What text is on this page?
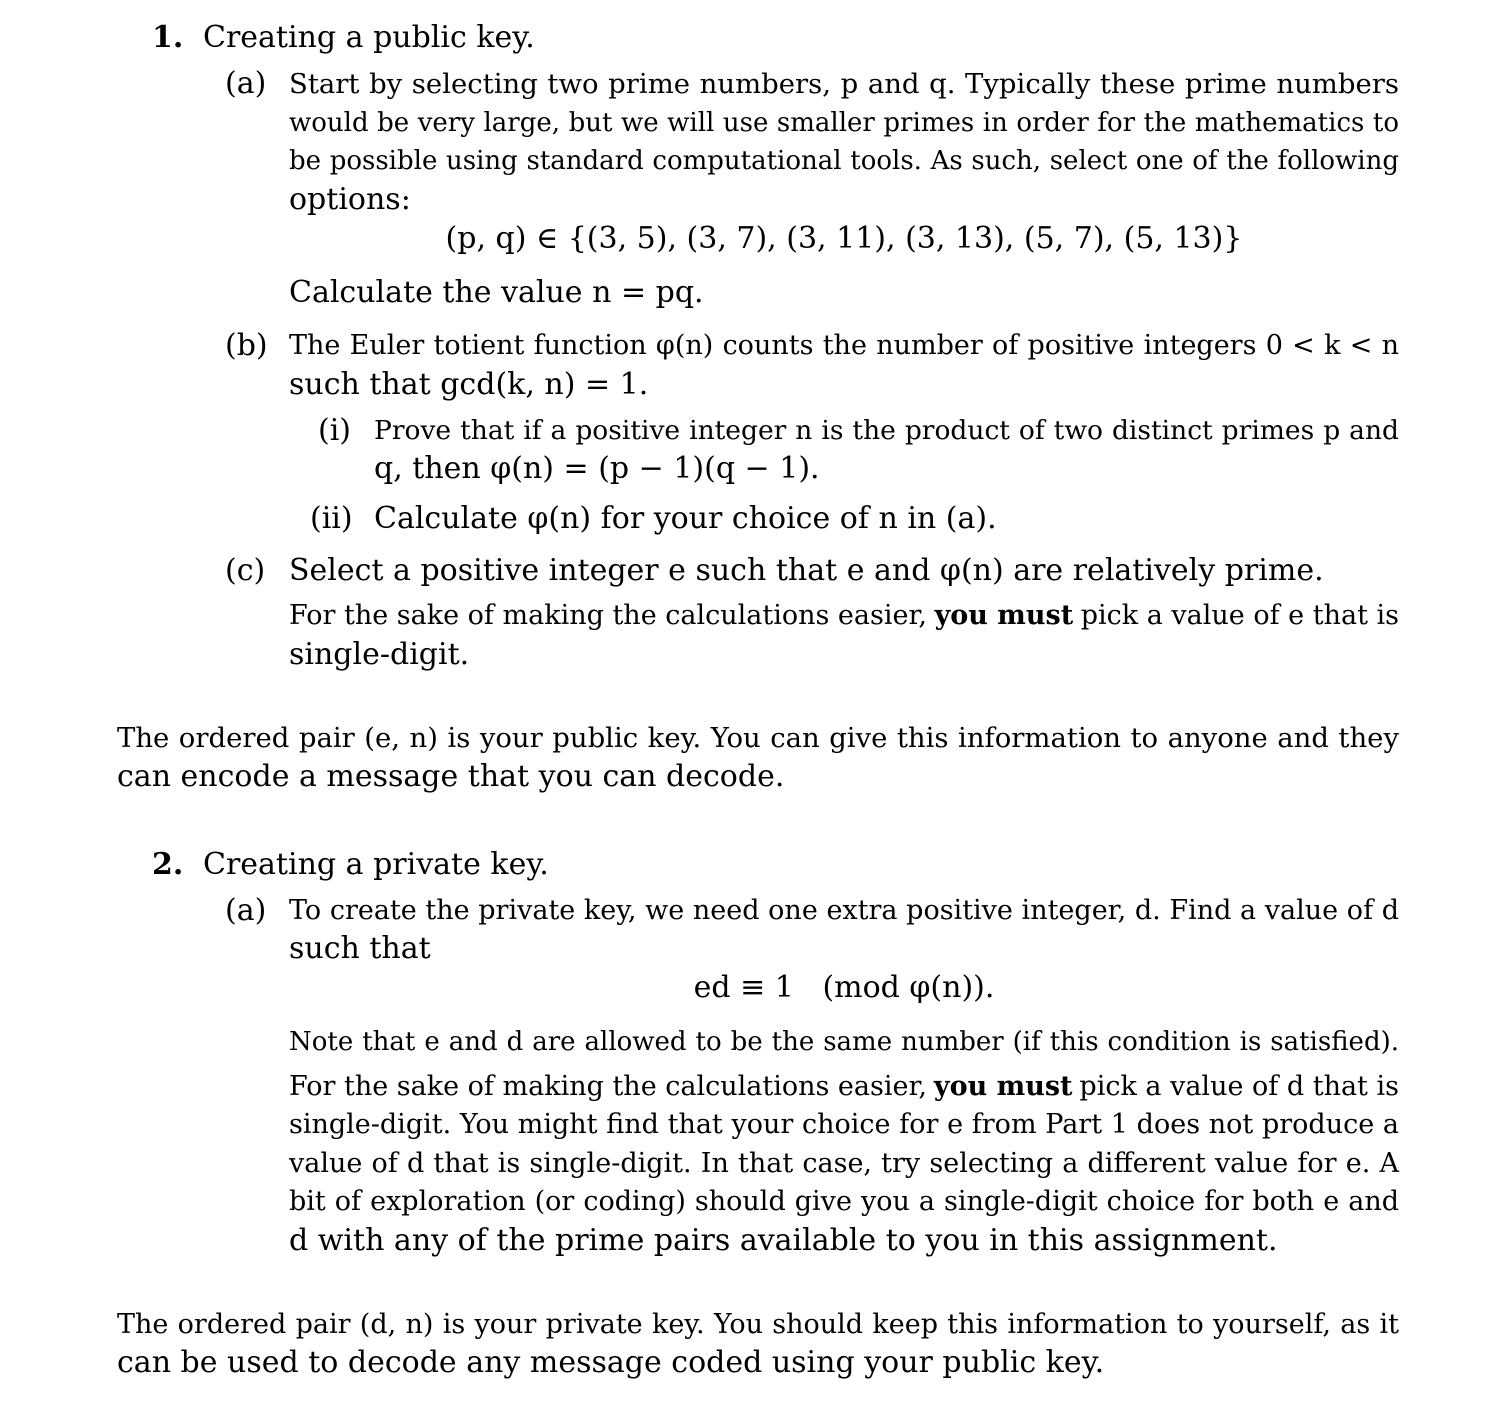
1. Creating a public key.
(a) Start by selecting two prime numbers, p and q. Typically these prime numbers
would be very large, but we will use smaller primes in order for the mathematics to
be possible using standard computational tools. As such, select one of the following
options:
(p, q) ∈ {(3, 5), (3, 7), (3, 11), (3, 13), (5, 7), (5, 13)}
Calculate the value n = pq.
(b) The Euler totient function φ(n) counts the number of positive integers 0 < k < n
such that gcd(k, n) = 1.
(i) Prove that if a positive integer n is the product of two distinct primes p and
q, then φ(n) = (p − 1)(q − 1).
(ii) Calculate φ(n) for your choice of n in (a).
(c) Select a positive integer e such that e and φ(n) are relatively prime.
For the sake of making the calculations easier, you must pick a value of e that is
single-digit.
The ordered pair (e, n) is your public key. You can give this information to anyone and they
can encode a message that you can decode.
2. Creating a private key.
(a) To create the private key, we need one extra positive integer, d. Find a value of d
such that
ed ≡ 1   (mod φ(n)).
Note that e and d are allowed to be the same number (if this condition is satisfied).
For the sake of making the calculations easier, you must pick a value of d that is
single-digit. You might find that your choice for e from Part 1 does not produce a
value of d that is single-digit. In that case, try selecting a different value for e. A
bit of exploration (or coding) should give you a single-digit choice for both e and
d with any of the prime pairs available to you in this assignment.
The ordered pair (d, n) is your private key. You should keep this information to yourself, as it
can be used to decode any message coded using your public key.
